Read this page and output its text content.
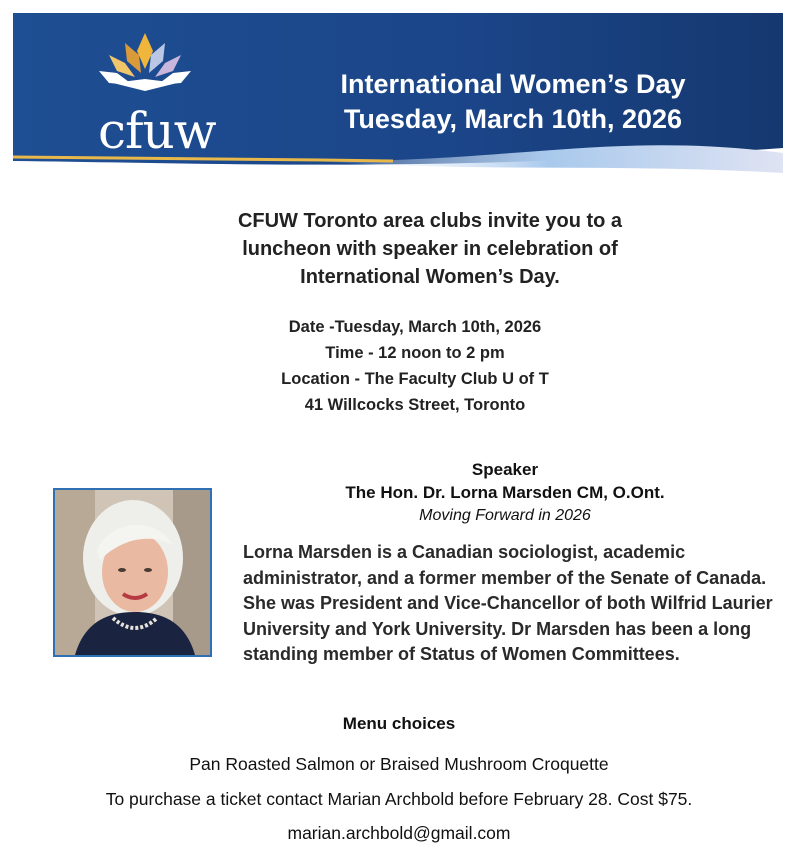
cfuw
International Women’s Day
Tuesday, March 10th, 2026
CFUW Toronto area clubs invite you to a
luncheon with speaker in celebration of
International Women’s Day.
Date -Tuesday, March 10th, 2026
Time - 12 noon to 2 pm
Location - The Faculty Club U of T
41 Willcocks Street, Toronto
Speaker
The Hon. Dr. Lorna Marsden CM, O.Ont.
Moving Forward in 2026
Lorna Marsden is a Canadian sociologist, academic administrator, and a former member of the Senate of Canada. She was President and Vice-Chancellor of both Wilfrid Laurier University and York University. Dr Marsden has been a long standing member of Status of Women Committees.
Menu choices
Pan Roasted Salmon or Braised Mushroom Croquette
To purchase a ticket contact Marian Archbold before February 28. Cost $75.
marian.archbold@gmail.com
